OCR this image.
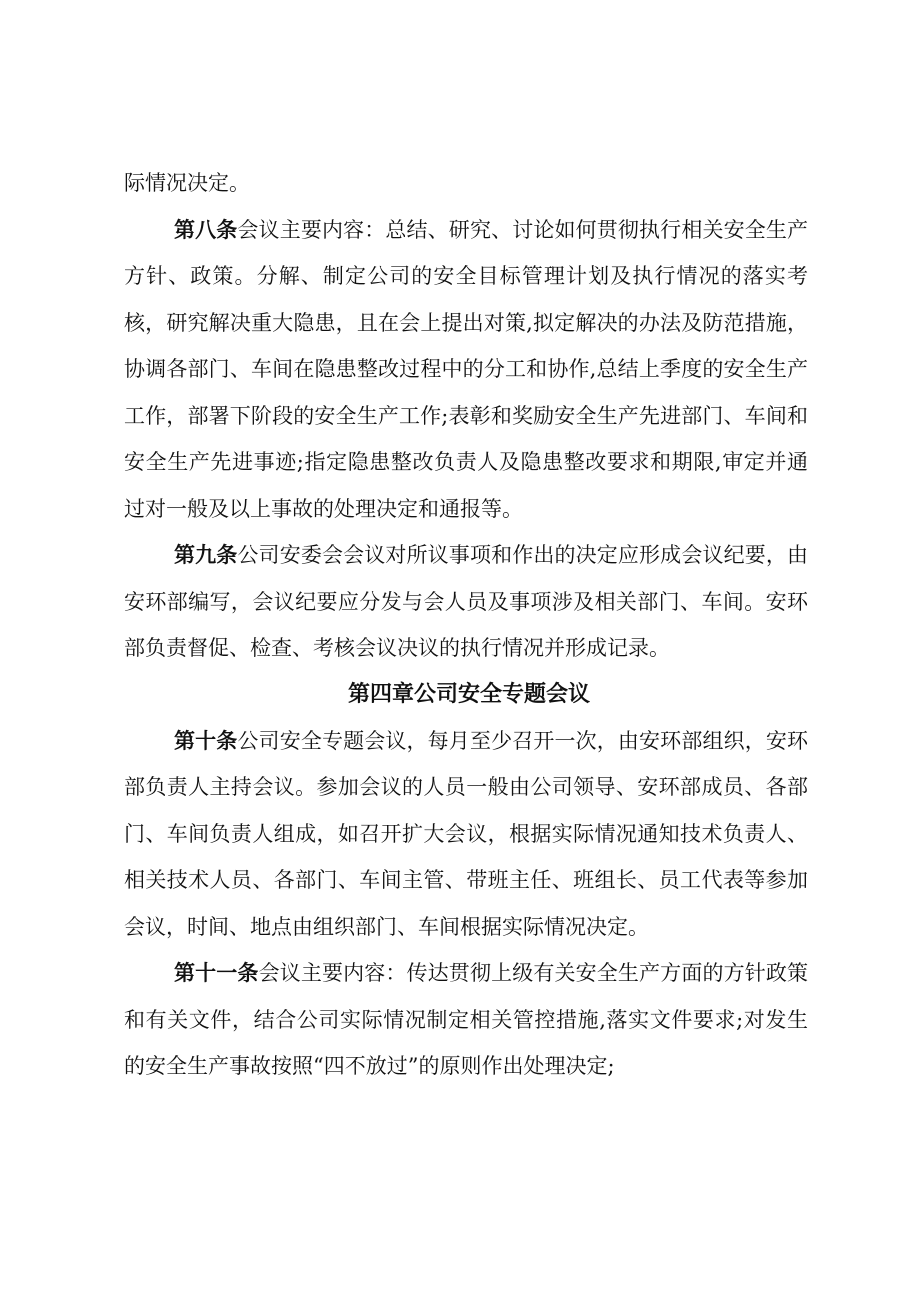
际情况决定。

第八条会议主要内容：总结、研究、讨论如何贯彻执行相关安全生产方针、政策。分解、制定公司的安全目标管理计划及执行情况的落实考核，研究解决重大隐患，且在会上提出对策,拟定解决的办法及防范措施，协调各部门、车间在隐患整改过程中的分工和协作,总结上季度的安全生产工作，部署下阶段的安全生产工作;表彰和奖励安全生产先进部门、车间和安全生产先进事迹;指定隐患整改负责人及隐患整改要求和期限,审定并通过对一般及以上事故的处理决定和通报等。

第九条公司安委会会议对所议事项和作出的决定应形成会议纪要，由安环部编写，会议纪要应分发与会人员及事项涉及相关部门、车间。安环部负责督促、检查、考核会议决议的执行情况并形成记录。

第四章公司安全专题会议

第十条公司安全专题会议，每月至少召开一次，由安环部组织，安环部负责人主持会议。参加会议的人员一般由公司领导、安环部成员、各部门、车间负责人组成，如召开扩大会议，根据实际情况通知技术负责人、相关技术人员、各部门、车间主管、带班主任、班组长、员工代表等参加会议，时间、地点由组织部门、车间根据实际情况决定。

第十一条会议主要内容：传达贯彻上级有关安全生产方面的方针政策和有关文件，结合公司实际情况制定相关管控措施,落实文件要求;对发生的安全生产事故按照“四不放过”的原则作出处理决定;
